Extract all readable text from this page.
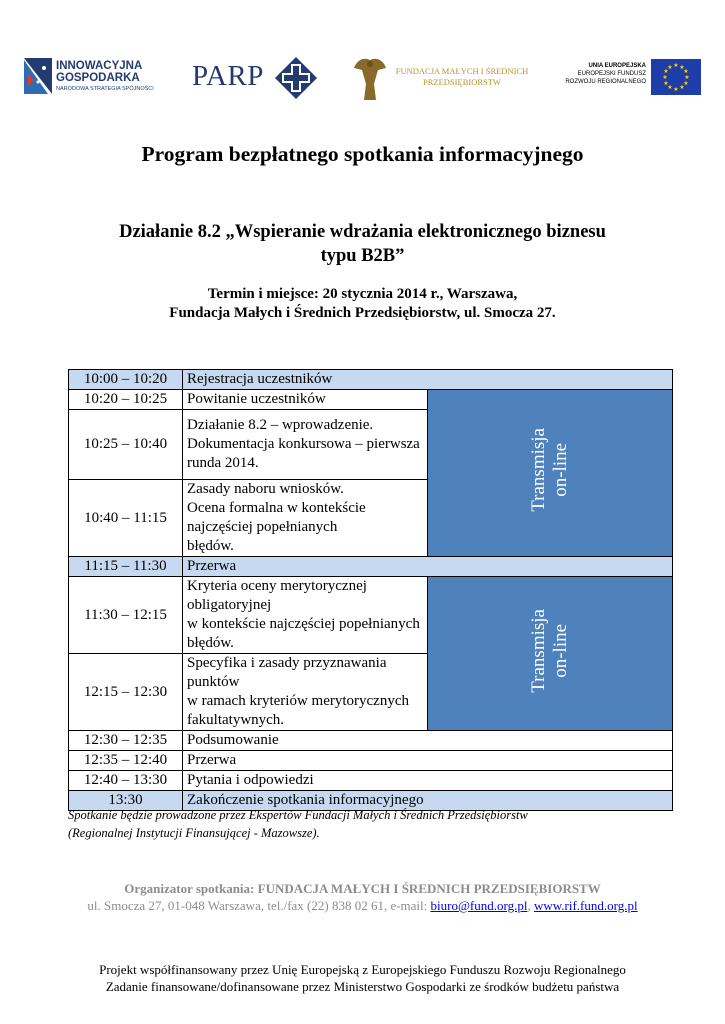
INNOWACYJNA
GOSPODARKA
NARODOWA STRATEGIA SPÓJNOŚCI PARP	FUNDACJA MAŁYCH I ŚREDNICH
PRZEDSIĘBIORSTW
UNIA EUROPEJSKA
EUROPEJSKI FUNDUSZ
ROZWOJU REGIONALNEGO
★ ★
★
★
★
★
★
★
★
★
★
★
Program bezpłatnego spotkania informacyjnego
Działanie 8.2 „Wspieranie wdrażania elektronicznego biznesu
typu B2B”
Termin i miejsce: 20 stycznia 2014 r., Warszawa,
Fundacja Małych i Średnich Przedsiębiorstw, ul. Smocza 27.
10:00 – 10:20	Rejestracja uczestników	
10:20 – 10:25	Powitanie uczestników	Transmisja
on-line
10:25 – 10:40	Działanie 8.2 – wprowadzenie.
Dokumentacja konkursowa – pierwsza runda 2014.	
10:40 – 11:15	Zasady naboru wniosków.
Ocena formalna w kontekście najczęściej popełnianych
błędów.	
11:15 – 11:30	Przerwa	
11:30 – 12:15	Kryteria oceny merytorycznej obligatoryjnej
w kontekście najczęściej popełnianych błędów.	Transmisja
on-line
12:15 – 12:30	Specyfika i zasady przyznawania punktów
w ramach kryteriów merytorycznych fakultatywnych.	
12:30 – 12:35	Podsumowanie	
12:35 – 12:40	Przerwa	
12:40 – 13:30	Pytania i odpowiedzi	
13:30	Zakończenie spotkania informacyjnego	
Spotkanie będzie prowadzone przez Ekspertów Fundacji Małych i Średnich Przedsiębiorstw
(Regionalnej Instytucji Finansującej - Mazowsze).
Organizator spotkania: FUNDACJA MAŁYCH I ŚREDNICH PRZEDSIĘBIORSTW
ul. Smocza 27, 01-048 Warszawa, tel./fax (22) 838 02 61, e-mail: biuro@fund.org.pl, www.rif.fund.org.pl
Projekt współfinansowany przez Unię Europejską z Europejskiego Funduszu Rozwoju Regionalnego
Zadanie finansowane/dofinansowane przez Ministerstwo Gospodarki ze środków budżetu państwa
